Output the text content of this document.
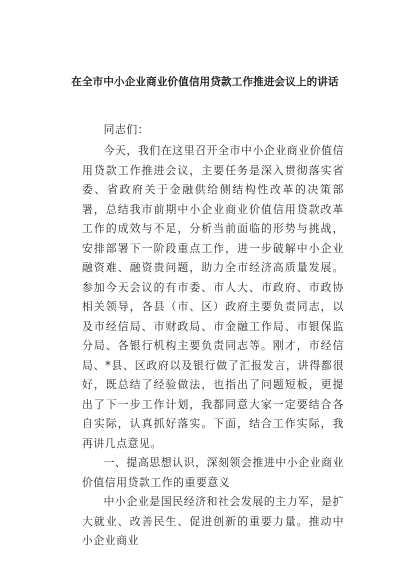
在全市中小企业商业价值信用贷款工作推进会议上的讲话

同志们：

今天，我们在这里召开全市中小企业商业价值信用贷款工作推进会议，主要任务是深入贯彻落实省委、省政府关于金融供给侧结构性改革的决策部署，总结我市前期中小企业商业价值信用贷款改革工作的成效与不足，分析当前面临的形势与挑战，安排部署下一阶段重点工作，进一步破解中小企业融资难、融资贵问题，助力全市经济高质量发展。参加今天会议的有市委、市人大、市政府、市政协相关领导，各县（市、区）政府主要负责同志，以及市经信局、市财政局、市金融工作局、市银保监分局、各银行机构主要负责同志等。刚才，市经信局、*县、区政府以及银行做了汇报发言，讲得都很好，既总结了经验做法，也指出了问题短板，更提出了下一步工作计划，我都同意大家一定要结合各自实际，认真抓好落实。下面，结合工作实际，我再讲几点意见。

一、提高思想认识，深刻领会推进中小企业商业价值信用贷款工作的重要意义

中小企业是国民经济和社会发展的主力军，是扩大就业、改善民生、促进创新的重要力量。推动中小企业商业
